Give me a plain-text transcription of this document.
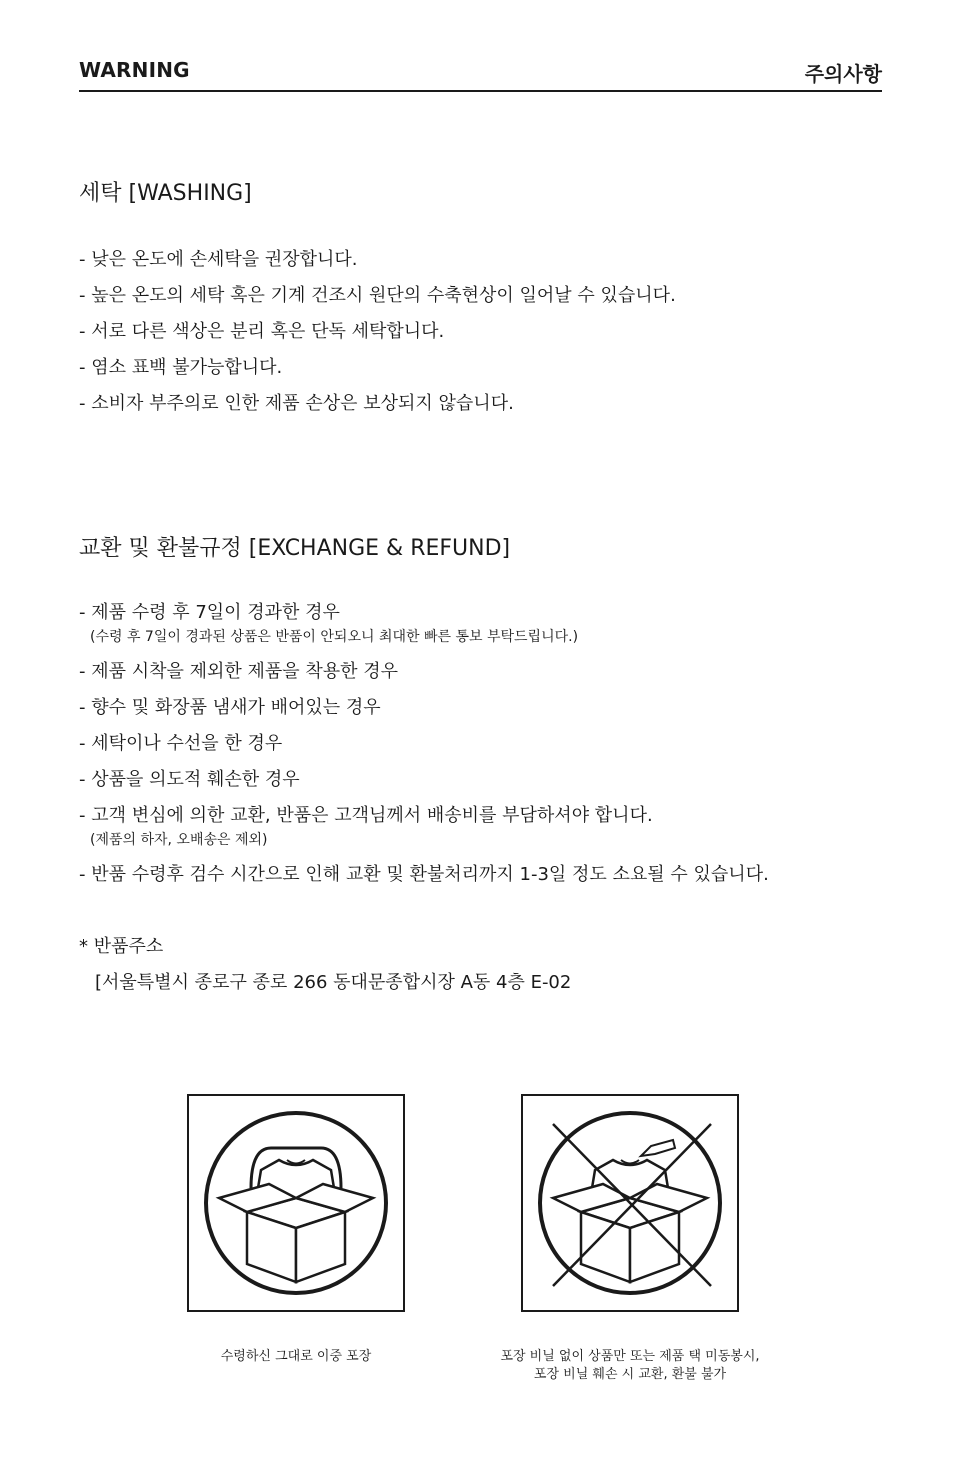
WARNING	주의사항
세탁 [WASHING]
- 낮은 온도에 손세탁을 권장합니다.
- 높은 온도의 세탁 혹은 기계 건조시 원단의 수축현상이 일어날 수 있습니다.
- 서로 다른 색상은 분리 혹은 단독 세탁합니다.
- 염소 표백 불가능합니다.
- 소비자 부주의로 인한 제품 손상은 보상되지 않습니다.
교환 및 환불규정 [EXCHANGE & REFUND]
- 제품 수령 후 7일이 경과한 경우
(수령 후 7일이 경과된 상품은 반품이 안되오니 최대한 빠른 통보 부탁드립니다.)
- 제품 시착을 제외한 제품을 착용한 경우
- 향수 및 화장품 냄새가 배어있는 경우
- 세탁이나 수선을 한 경우
- 상품을 의도적 훼손한 경우
- 고객 변심에 의한 교환, 반품은 고객님께서 배송비를 부담하셔야 합니다.
(제품의 하자, 오배송은 제외)
- 반품 수령후 검수 시간으로 인해 교환 및 환불처리까지 1-3일 정도 소요될 수 있습니다.
* 반품주소
[서울특별시 종로구 종로 266 동대문종합시장 A동 4층 E-02
수령하신 그대로 이중 포장	포장 비닐 없이 상품만 또는 제품 택 미동봉시,
포장 비닐 훼손 시 교환, 환불 불가
